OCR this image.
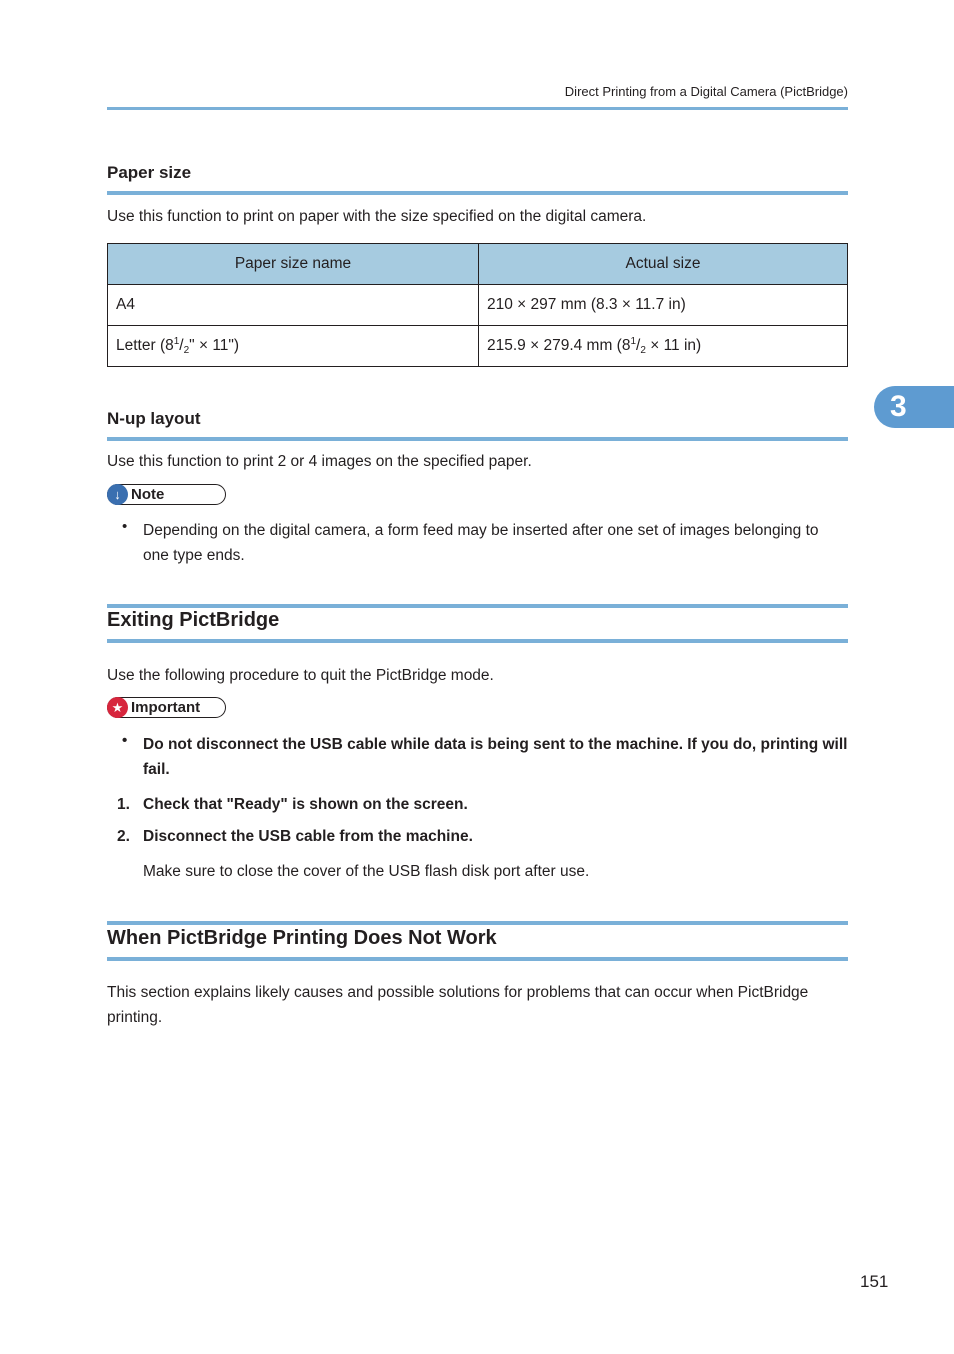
Direct Printing from a Digital Camera (PictBridge)
Paper size
Use this function to print on paper with the size specified on the digital camera.
Paper size name	Actual size
A4	210 × 297 mm (8.3 × 11.7 in)
Letter ($8^1/2$" × 11")	215.9 × 279.4 mm ($8^1/2 \times 11$ in)
3
N-up layout
Use this function to print 2 or 4 images on the specified paper.
↓ Note
• Depending on the digital camera, a form feed may be inserted after one set of images belonging to one type ends.
Exiting PictBridge
Use the following procedure to quit the PictBridge mode.
★ Important
• Do not disconnect the USB cable while data is being sent to the machine. If you do, printing will fail.
1. Check that "Ready" is shown on the screen.
2. Disconnect the USB cable from the machine.
Make sure to close the cover of the USB flash disk port after use.
When PictBridge Printing Does Not Work
This section explains likely causes and possible solutions for problems that can occur when PictBridge printing.
151
